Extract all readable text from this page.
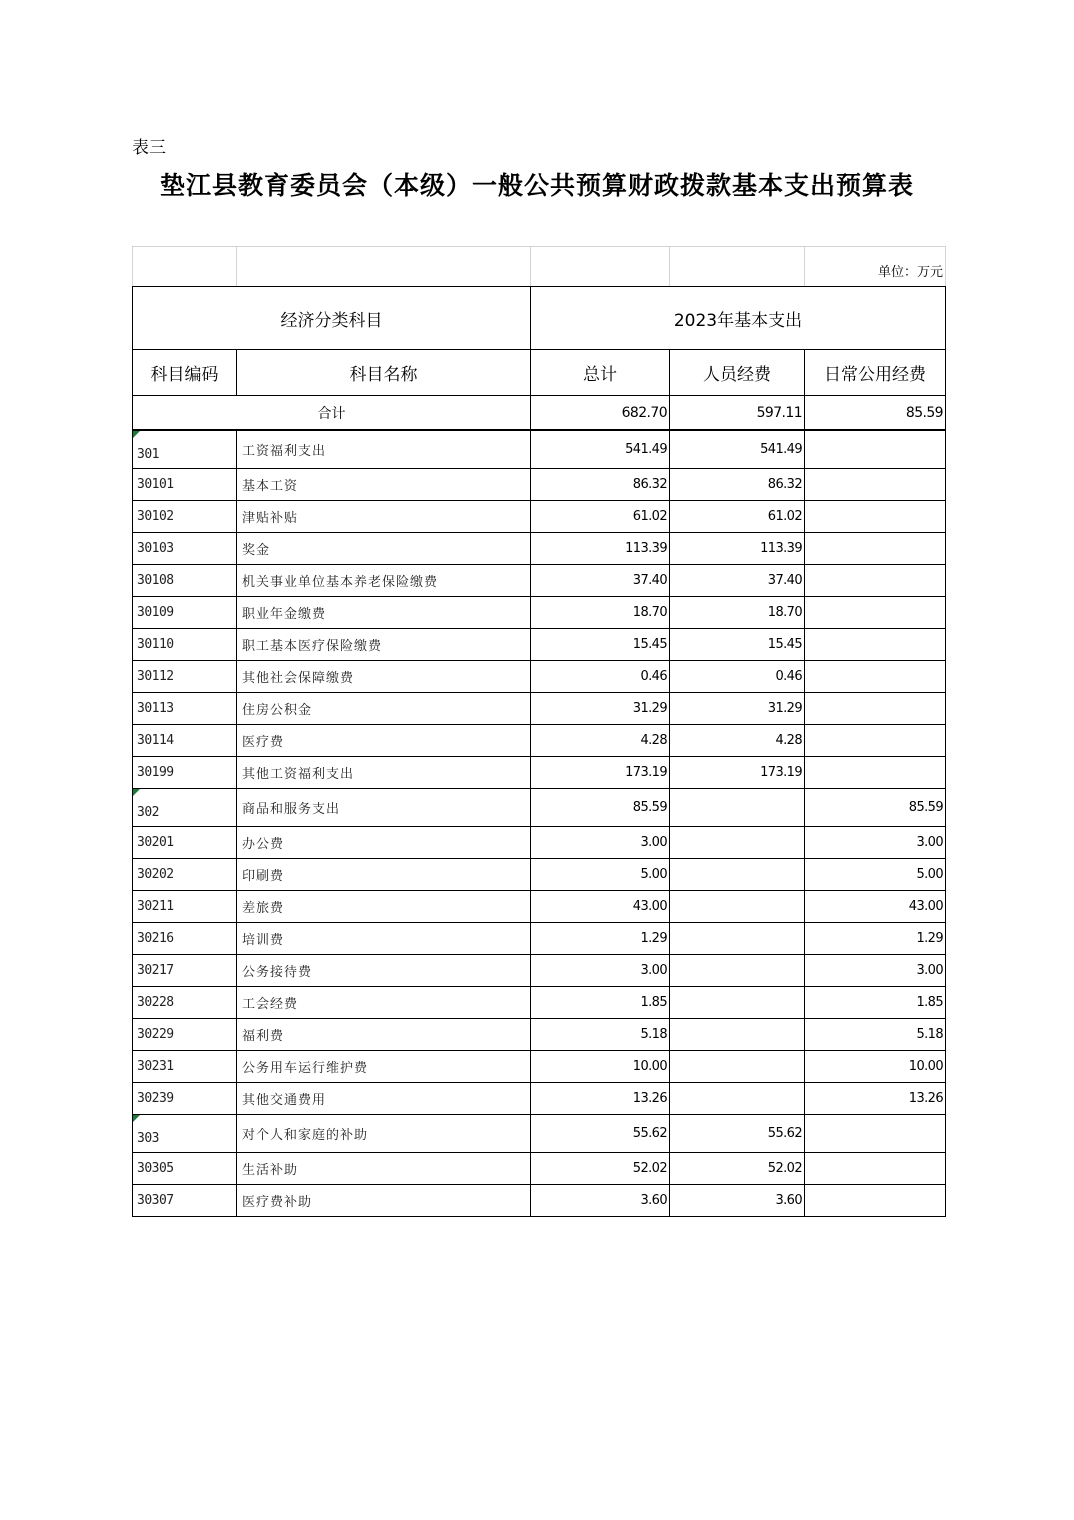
表三
垫江县教育委员会（本级）一般公共预算财政拨款基本支出预算表
				单位：万元
经济分类科目		2023年基本支出		
科目编码	科目名称	总计	人员经费	日常公用经费
合计		682.70	597.11	85.59

301	工资福利支出	541.49	541.49	
30101	基本工资	86.32	86.32	
30102	津贴补贴	61.02	61.02	
30103	奖金	113.39	113.39	
30108	机关事业单位基本养老保险缴费	37.40	37.40	
30109	职业年金缴费	18.70	18.70	
30110	职工基本医疗保险缴费	15.45	15.45	
30112	其他社会保障缴费	0.46	0.46	
30113	住房公积金	31.29	31.29	
30114	医疗费	4.28	4.28	
30199	其他工资福利支出	173.19	173.19	

302	商品和服务支出	85.59		85.59
30201	办公费	3.00		3.00
30202	印刷费	5.00		5.00
30211	差旅费	43.00		43.00
30216	培训费	1.29		1.29
30217	公务接待费	3.00		3.00
30228	工会经费	1.85		1.85
30229	福利费	5.18		5.18
30231	公务用车运行维护费	10.00		10.00
30239	其他交通费用	13.26		13.26

303	对个人和家庭的补助	55.62	55.62	
30305	生活补助	52.02	52.02	
30307	医疗费补助	3.60	3.60	
